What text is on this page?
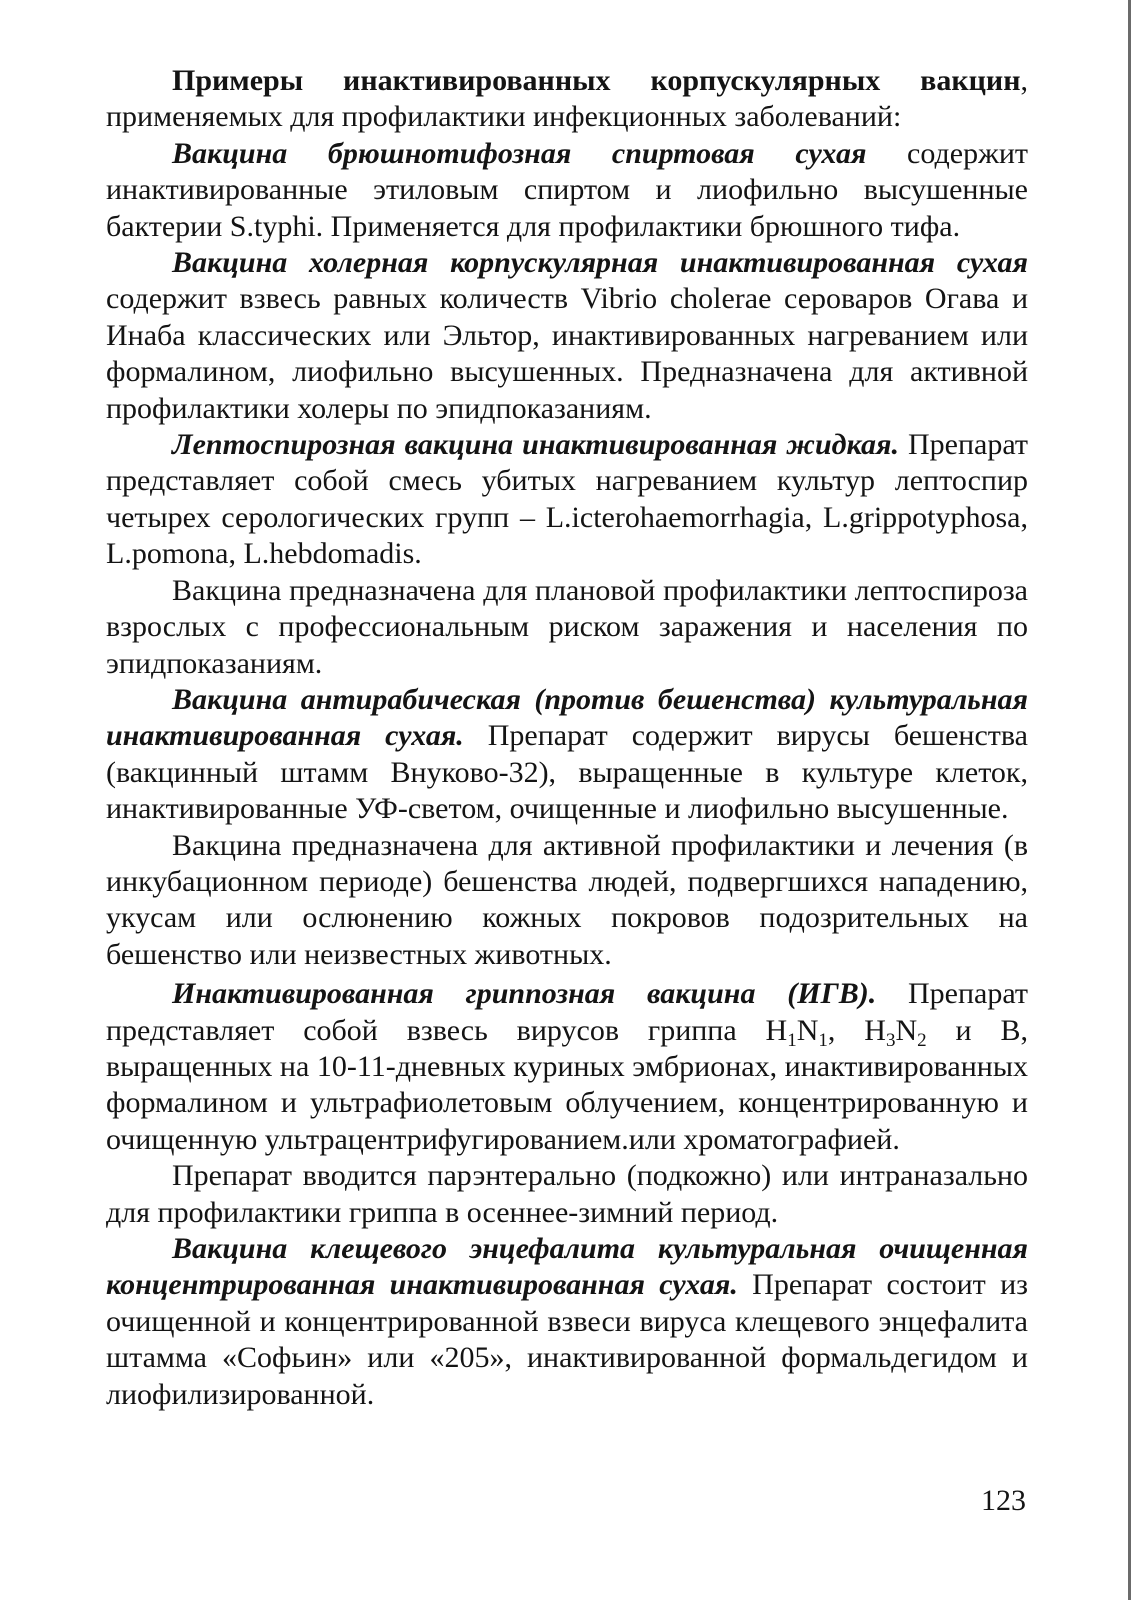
Примеры инактивированных корпускулярных вакцин, применяемых для профилактики инфекционных заболеваний:

Вакцина брюшнотифозная спиртовая сухая содержит инактивированные этиловым спиртом и лиофильно высушенные бактерии S.typhi. Применяется для профилактики брюшного тифа.

Вакцина холерная корпускулярная инактивированная сухая содержит взвесь равных количеств Vibrio cholerae сероваров Огава и Инаба классических или Эльтор, инактивированных нагреванием или формалином, лиофильно высушенных. Предназначена для активной профилактики холеры по эпидпоказаниям.

Лептоспирозная вакцина инактивированная жидкая. Препарат представляет собой смесь убитых нагреванием культур лептоспир четырех серологических групп – L.icterohaemorrhagia, L.grippotyphosa, L.pomona, L.hebdomadis.

Вакцина предназначена для плановой профилактики лептоспироза взрослых с профессиональным риском заражения и населения по эпидпоказаниям.

Вакцина антирабическая (против бешенства) культуральная инактивированная сухая. Препарат содержит вирусы бешенства (вакцинный штамм Внуково-32), выращенные в культуре клеток, инактивированные УФ-светом, очищенные и лиофильно высушенные.

Вакцина предназначена для активной профилактики и лечения (в инкубационном периоде) бешенства людей, подвергшихся нападению, укусам или ослюнению кожных покровов подозрительных на бешенство или неизвестных животных.

Инактивированная гриппозная вакцина (ИГВ). Препарат представляет собой взвесь вирусов гриппа $H_1N_1$, $H_3N_2$ и B, выращенных на 10-11-дневных куриных эмбрионах, инактивированных формалином и ультрафиолетовым облучением, концентрированную и очищенную ультрацентрифугированием.или хроматографией.

Препарат вводится парэнтерально (подкожно) или интраназально для профилактики гриппа в осеннее-зимний период.

Вакцина клещевого энцефалита культуральная очищенная концентрированная инактивированная сухая. Препарат состоит из очищенной и концентрированной взвеси вируса клещевого энцефалита штамма «Софьин» или «205», инактивированной формальдегидом и лиофилизированной.

123
